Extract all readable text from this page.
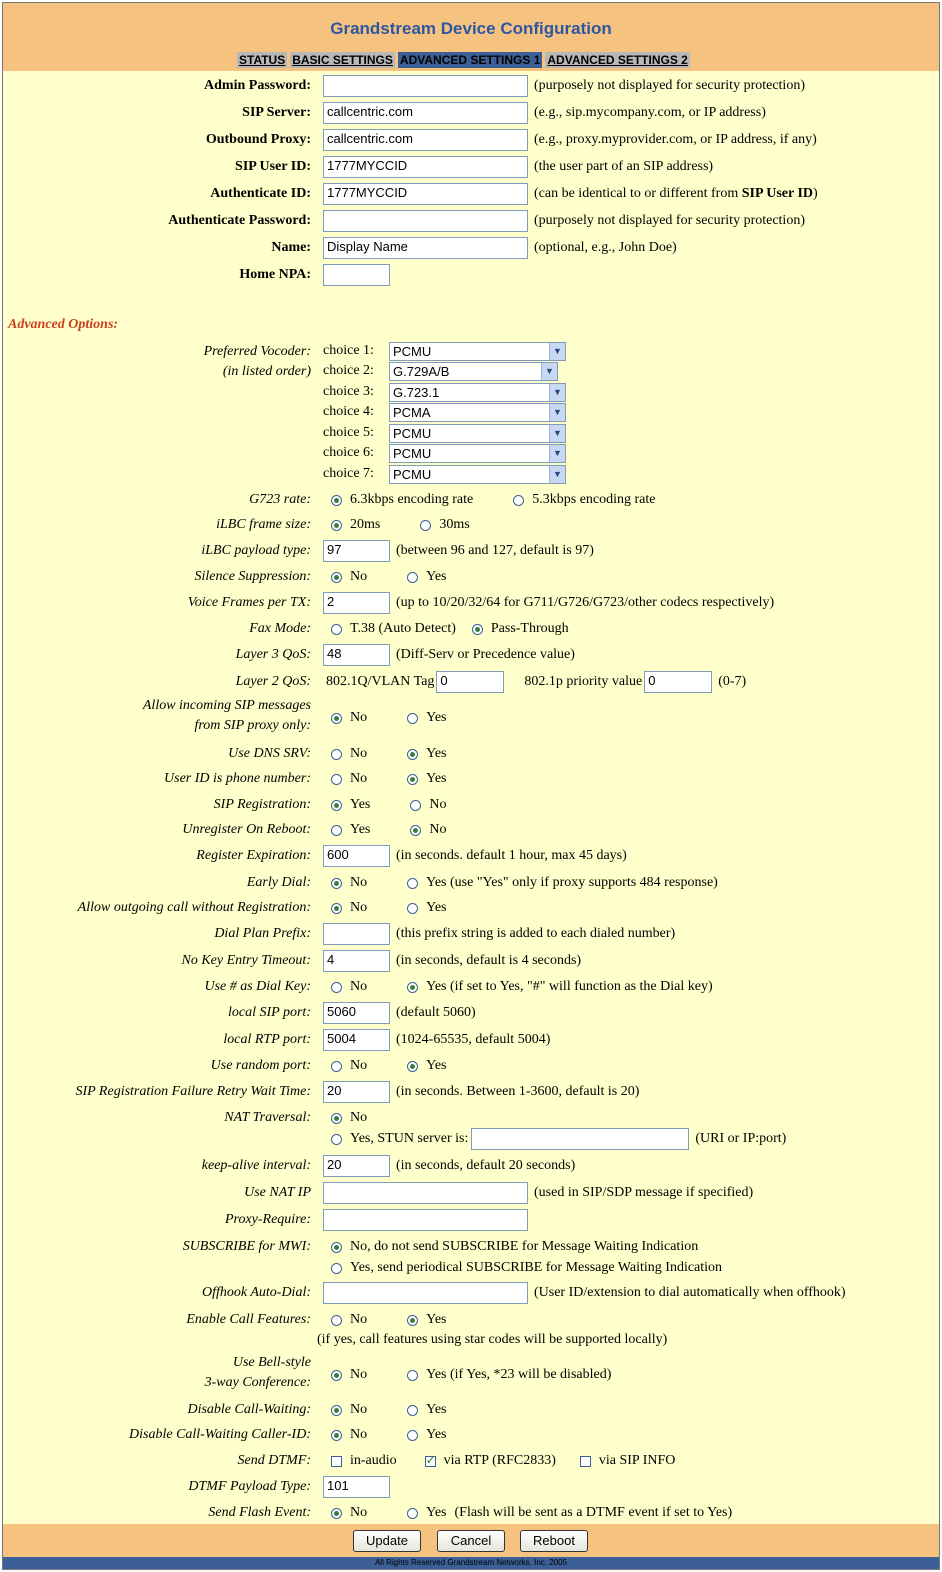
Grandstream Device Configuration
STATUS BASIC SETTINGS ADVANCED SETTINGS 1 ADVANCED SETTINGS 2
Admin Password:	(purposely not displayed for security protection)
SIP Server:	callcentric.com	(e.g., sip.mycompany.com, or IP address)
Outbound Proxy:	callcentric.com	(e.g., proxy.myprovider.com, or IP address, if any)
SIP User ID:	1777MYCCID	(the user part of an SIP address)
Authenticate ID:	1777MYCCID	(can be identical to or different from SIP User ID)
Authenticate Password:	(purposely not displayed for security protection)
Name:	Display Name	(optional, e.g., John Doe)
Home NPA:
Advanced Options:
Preferred Vocoder:
(in listed order)
choice 1:	PCMU	▼
choice 2:	G.729A/B	▼
choice 3:	G.723.1	▼
choice 4:	PCMA	▼
choice 5:	PCMU	▼
choice 6:	PCMU	▼
choice 7:	PCMU	▼
G723 rate:	6.3kbps encoding rate	5.3kbps encoding rate
iLBC frame size:	20ms	30ms
iLBC payload type:	97	(between 96 and 127, default is 97)
Silence Suppression:	No	Yes
Voice Frames per TX:	2	(up to 10/20/32/64 for G711/G726/G723/other codecs respectively)
Fax Mode:	T.38 (Auto Detect)	Pass-Through
Layer 3 QoS:	48	(Diff-Serv or Precedence value)
Layer 2 QoS: 802.1Q/VLAN Tag 0	802.1p priority value 0	(0-7)
Allow incoming SIP messages
from SIP proxy only:
No	Yes
Use DNS SRV:	No	Yes
User ID is phone number:	No	Yes
SIP Registration:	Yes	No
Unregister On Reboot:	Yes	No
Register Expiration:	600	(in seconds. default 1 hour, max 45 days)
Early Dial:	No	Yes (use "Yes" only if proxy supports 484 response)
Allow outgoing call without Registration:	No	Yes
Dial Plan Prefix:	(this prefix string is added to each dialed number)
No Key Entry Timeout:	4	(in seconds, default is 4 seconds)
Use # as Dial Key:	No	Yes (if set to Yes, "#" will function as the Dial key)
local SIP port:	5060	(default 5060)
local RTP port:	5004	(1024-65535, default 5004)
Use random port:	No	Yes
SIP Registration Failure Retry Wait Time:	20	(in seconds. Between 1-3600, default is 20)
NAT Traversal:	No
Yes, STUN server is:	(URI or IP:port)
keep-alive interval:	20	(in seconds, default 20 seconds)
Use NAT IP	(used in SIP/SDP message if specified)
Proxy-Require:
SUBSCRIBE for MWI:	No, do not send SUBSCRIBE for Message Waiting Indication
Yes, send periodical SUBSCRIBE for Message Waiting Indication
Offhook Auto-Dial:	(User ID/extension to dial automatically when offhook)
Enable Call Features:	No	Yes
(if yes, call features using star codes will be supported locally)
Use Bell-style
3-way Conference:
No	Yes (if Yes, *23 will be disabled)
Disable Call-Waiting:	No	Yes
Disable Call-Waiting Caller-ID:	No	Yes
Send DTMF:	in-audio
✓	via RTP (RFC2833)	via SIP INFO
DTMF Payload Type:	101
Send Flash Event:	No	Yes (Flash will be sent as a DTMF event if set to Yes)
Update	Cancel	Reboot
All Rights Reserved Grandstream Networks, Inc. 2005
